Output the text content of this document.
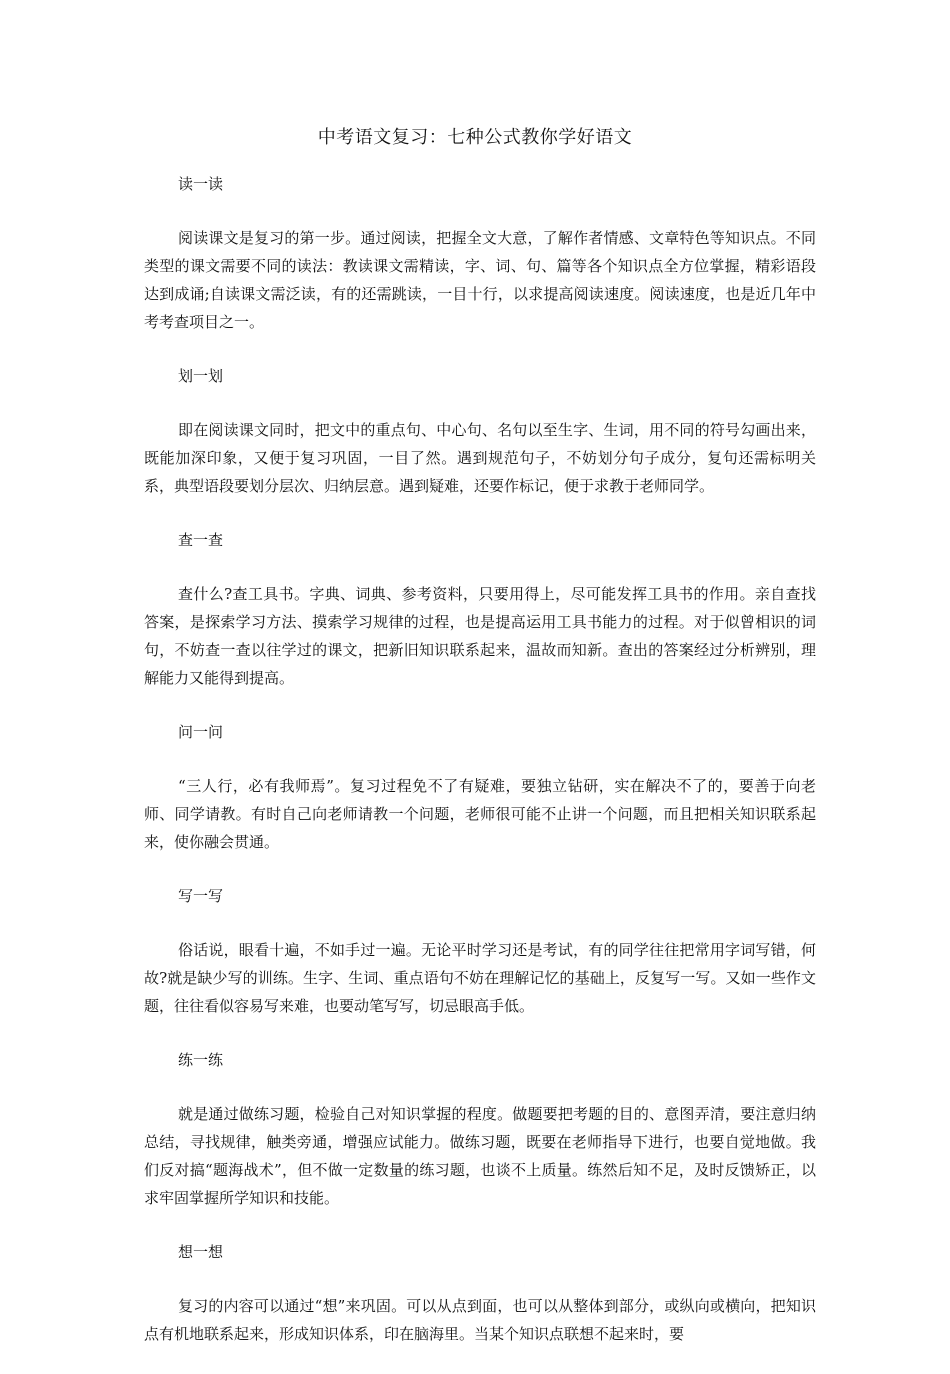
中考语文复习：七种公式教你学好语文

读一读

阅读课文是复习的第一步。通过阅读，把握全文大意，了解作者情感、文章特色等知识点。不同类型的课文需要不同的读法：教读课文需精读，字、词、句、篇等各个知识点全方位掌握，精彩语段达到成诵;自读课文需泛读，有的还需跳读，一目十行，以求提高阅读速度。阅读速度，也是近几年中考考查项目之一。

划一划

即在阅读课文同时，把文中的重点句、中心句、名句以至生字、生词，用不同的符号勾画出来，既能加深印象，又便于复习巩固，一目了然。遇到规范句子，不妨划分句子成分，复句还需标明关系，典型语段要划分层次、归纳层意。遇到疑难，还要作标记，便于求教于老师同学。

查一查

查什么?查工具书。字典、词典、参考资料，只要用得上，尽可能发挥工具书的作用。亲自查找答案，是探索学习方法、摸索学习规律的过程，也是提高运用工具书能力的过程。对于似曾相识的词句，不妨查一查以往学过的课文，把新旧知识联系起来，温故而知新。查出的答案经过分析辨别，理解能力又能得到提高。

问一问

“三人行，必有我师焉”。复习过程免不了有疑难，要独立钻研，实在解决不了的，要善于向老师、同学请教。有时自己向老师请教一个问题，老师很可能不止讲一个问题，而且把相关知识联系起来，使你融会贯通。

写一写

俗话说，眼看十遍，不如手过一遍。无论平时学习还是考试，有的同学往往把常用字词写错，何故?就是缺少写的训练。生字、生词、重点语句不妨在理解记忆的基础上，反复写一写。又如一些作文题，往往看似容易写来难，也要动笔写写，切忌眼高手低。

练一练

就是通过做练习题，检验自己对知识掌握的程度。做题要把考题的目的、意图弄清，要注意归纳总结，寻找规律，触类旁通，增强应试能力。做练习题，既要在老师指导下进行，也要自觉地做。我们反对搞“题海战术”，但不做一定数量的练习题，也谈不上质量。练然后知不足，及时反馈矫正，以求牢固掌握所学知识和技能。

想一想

复习的内容可以通过“想”来巩固。可以从点到面，也可以从整体到部分，或纵向或横向，把知识点有机地联系起来，形成知识体系，印在脑海里。当某个知识点联想不起来时，要
